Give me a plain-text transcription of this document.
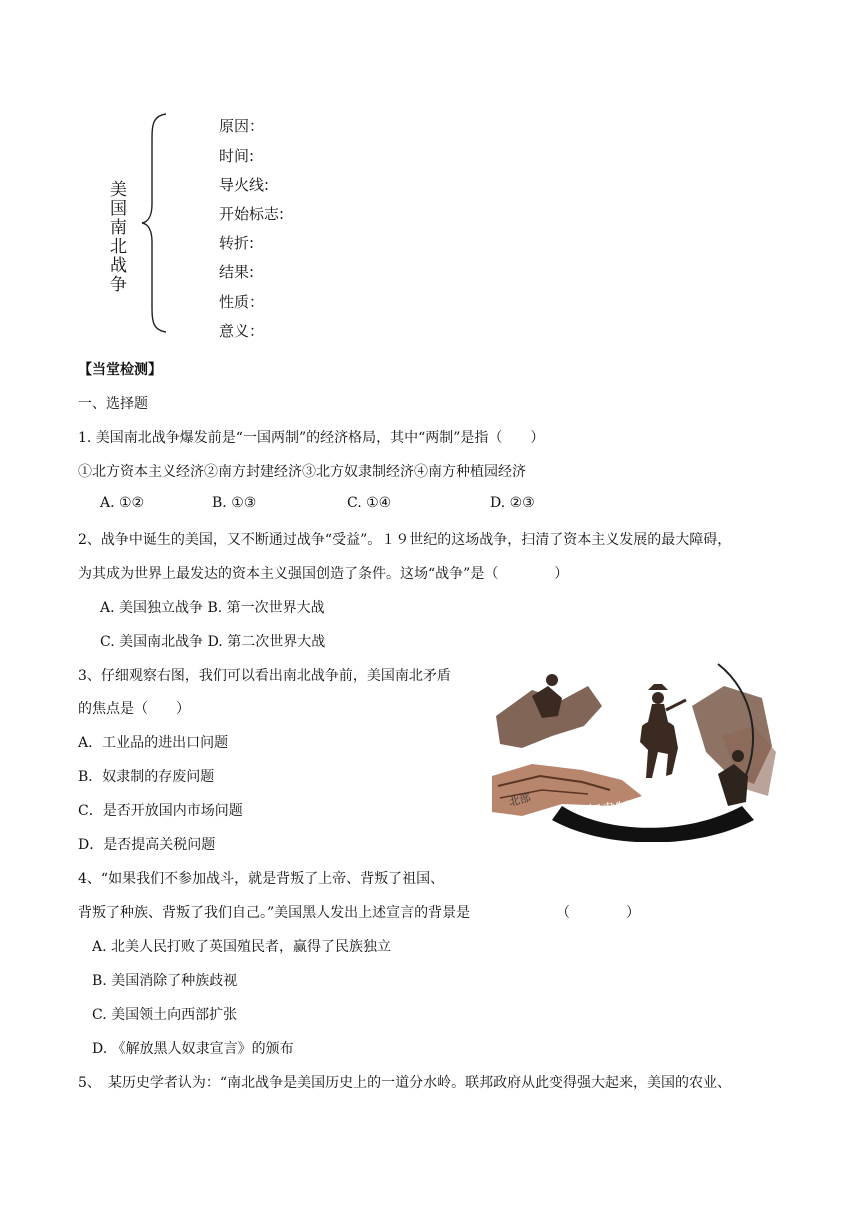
美国南北战争
原因：
时间:
导火线:
开始标志:
转折:
结果:
性质：
意义：
【当堂检测】
一、选择题
1. 美国南北战争爆发前是“一国两制”的经济格局，其中“两制”是指（　　）
①北方资本主义经济②南方封建经济③北方奴隶制经济④南方种植园经济
A. ①②	B. ①③	C. ①④	D. ②③
2、战争中诞生的美国，又不断通过战争“受益”。１９世纪的这场战争，扫清了资本主义发展的最大障碍，
为其成为世界上最发达的资本主义强国创造了条件。这场“战争”是（　　　　）
A. 美国独立战争 B. 第一次世界大战
C. 美国南北战争 D. 第二次世界大战
3、仔细观察右图，我们可以看出南北战争前，美国南北矛盾
的焦点是（　　）
A．工业品的进出口问题
B．奴隶制的存废问题
C．是否开放国内市场问题
D．是否提高关税问题
奴隶制的扩张
北部
4、“如果我们不参加战斗，就是背叛了上帝、背叛了祖国、
背叛了种族、背叛了我们自己。”美国黑人发出上述宣言的背景是	（　　　　）
A. 北美人民打败了英国殖民者，赢得了民族独立
B. 美国消除了种族歧视
C. 美国领土向西部扩张
D. 《解放黑人奴隶宣言》的颁布
5、　某历史学者认为：“南北战争是美国历史上的一道分水岭。联邦政府从此变得强大起来，美国的农业、
